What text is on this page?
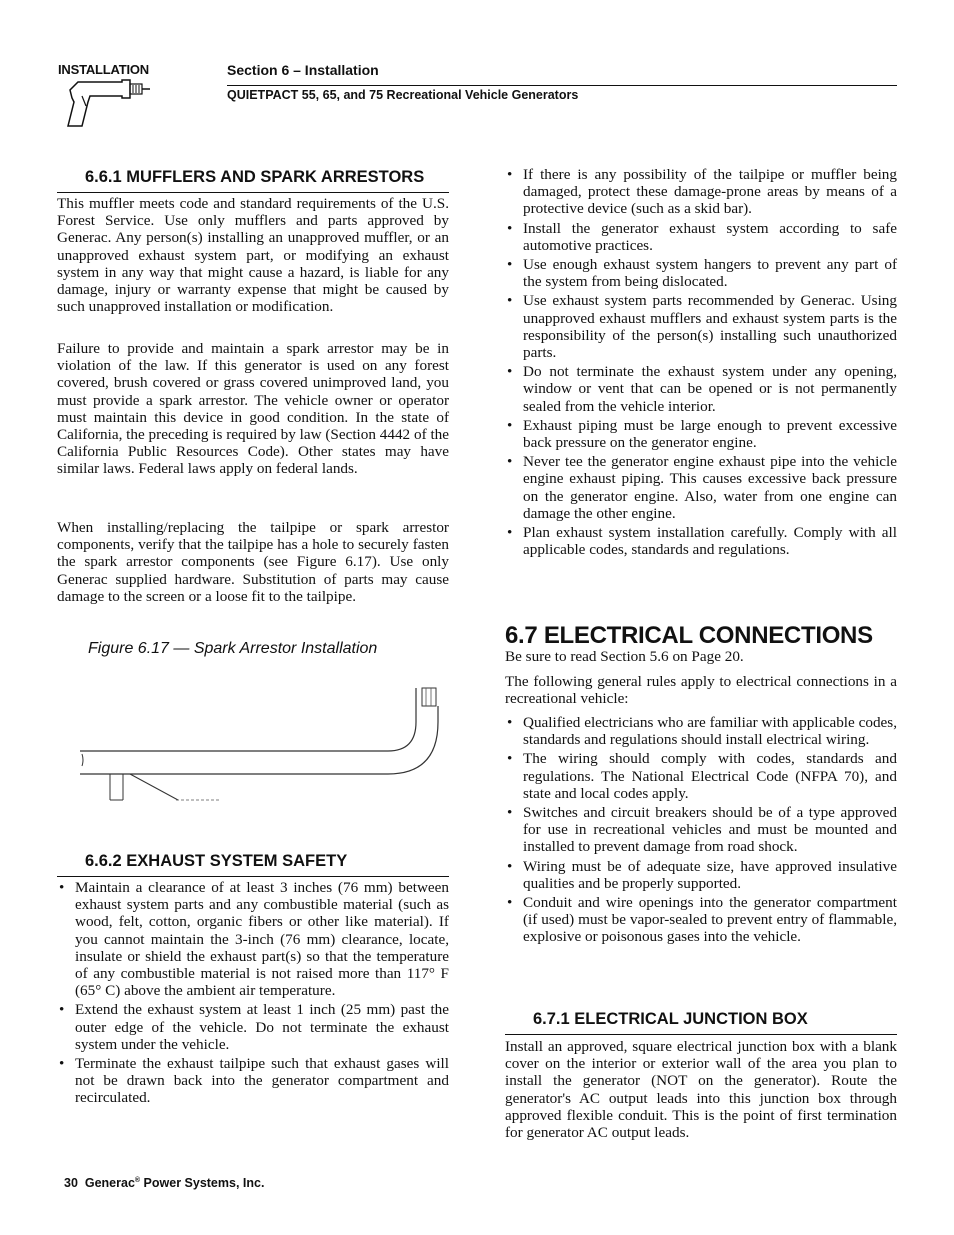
INSTALLATION	Section 6 – Installation
QUIETPACT 55, 65, and 75 Recreational Vehicle Generators
6.6.1 MUFFLERS AND SPARK ARRESTORS

This muffler meets code and standard requirements of the U.S. Forest Service. Use only mufflers and parts approved by Generac. Any person(s) installing an unapproved muffler, or an unapproved exhaust system part, or modifying an exhaust system in any way that might cause a hazard, is liable for any damage, injury or warranty expense that might be caused by such unapproved installation or modification.

Failure to provide and maintain a spark arrestor may be in violation of the law. If this generator is used on any forest covered, brush covered or grass covered unimproved land, you must provide a spark arrestor. The vehicle owner or operator must maintain this device in good condition. In the state of California, the preceding is required by law (Section 4442 of the California Public Resources Code). Other states may have similar laws. Federal laws apply on federal lands.

When installing/replacing the tailpipe or spark arrestor components, verify that the tailpipe has a hole to securely fasten the spark arrestor components (see Figure 6.17). Use only Generac supplied hardware. Substitution of parts may cause damage to the screen or a loose fit to the tailpipe.

6.6.2 EXHAUST SYSTEM SAFETY
• Maintain a clearance of at least 3 inches (76 mm) between exhaust system parts and any combustible material (such as wood, felt, cotton, organic fibers or other like material). If you cannot maintain the 3-inch (76 mm) clearance, locate, insulate or shield the exhaust part(s) so that the temperature of any combustible material is not raised more than 117° F (65° C) above the ambient air temperature.
• Extend the exhaust system at least 1 inch (25 mm) past the outer edge of the vehicle. Do not terminate the exhaust system under the vehicle.
• Terminate the exhaust tailpipe such that exhaust gases will not be drawn back into the generator compartment and recirculated.
Figure 6.17 — Spark Arrestor Installation
• If there is any possibility of the tailpipe or muffler being damaged, protect these damage-prone areas by means of a protective device (such as a skid bar).
• Install the generator exhaust system according to safe automotive practices.
• Use enough exhaust system hangers to prevent any part of the system from being dislocated.
• Use exhaust system parts recommended by Generac. Using unapproved exhaust mufflers and exhaust system parts is the responsibility of the person(s) installing such unauthorized parts.
• Do not terminate the exhaust system under any opening, window or vent that can be opened or is not permanently sealed from the vehicle interior.
• Exhaust piping must be large enough to prevent excessive back pressure on the generator engine.
• Never tee the generator engine exhaust pipe into the vehicle engine exhaust piping. This causes excessive back pressure on the generator engine. Also, water from one engine can damage the other engine.
• Plan exhaust system installation carefully. Comply with all applicable codes, standards and regulations.
6.7 ELECTRICAL CONNECTIONS

Be sure to read Section 5.6 on Page 20.

The following general rules apply to electrical connections in a recreational vehicle:

• Qualified electricians who are familiar with applicable codes, standards and regulations should install electrical wiring.
• The wiring should comply with codes, standards and regulations. The National Electrical Code (NFPA 70), and state and local codes apply.
• Switches and circuit breakers should be of a type approved for use in recreational vehicles and must be mounted and installed to prevent damage from road shock.
• Wiring must be of adequate size, have approved insulative qualities and be properly supported.
• Conduit and wire openings into the generator compartment (if used) must be vapor-sealed to prevent entry of flammable, explosive or poisonous gases into the vehicle.
6.7.1 ELECTRICAL JUNCTION BOX

Install an approved, square electrical junction box with a blank cover on the interior or exterior wall of the area you plan to install the generator (NOT on the generator). Route the generator's AC output leads into this junction box through approved flexible conduit. This is the point of first termination for generator AC output leads.

30 Generac® Power Systems, Inc.
